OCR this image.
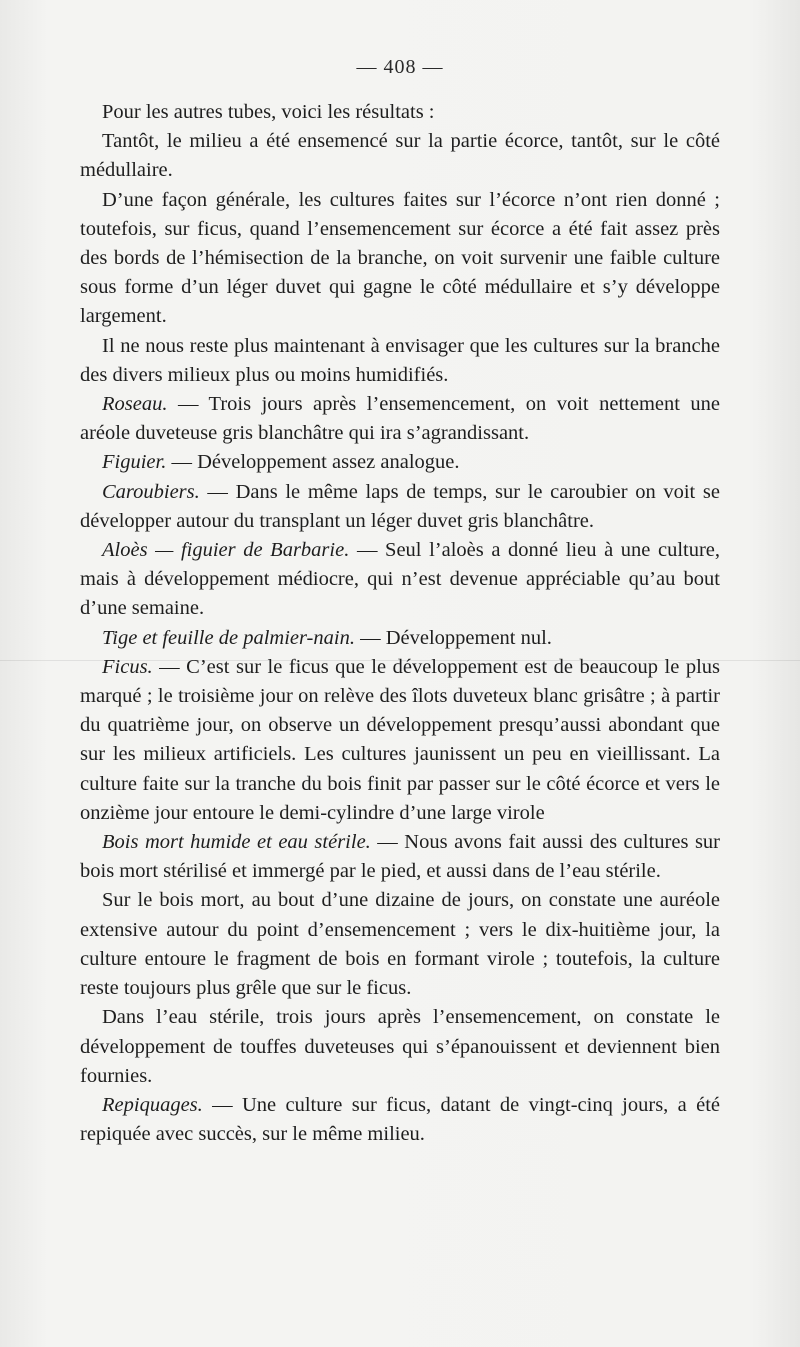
— 408 —

Pour les autres tubes, voici les résultats :

Tantôt, le milieu a été ensemencé sur la partie écorce, tantôt, sur le côté médullaire.

D’une façon générale, les cultures faites sur l’écorce n’ont rien donné ; toutefois, sur ficus, quand l’ensemencement sur écorce a été fait assez près des bords de l’hémisection de la branche, on voit survenir une faible culture sous forme d’un léger duvet qui gagne le côté médullaire et s’y développe largement.

Il ne nous reste plus maintenant à envisager que les cultures sur la branche des divers milieux plus ou moins humidifiés.

Roseau. — Trois jours après l’ensemencement, on voit nettement une aréole duveteuse gris blanchâtre qui ira s’agrandissant.

Figuier. — Développement assez analogue.

Caroubiers. — Dans le même laps de temps, sur le caroubier on voit se développer autour du transplant un léger duvet gris blanchâtre.

Aloès — figuier de Barbarie. — Seul l’aloès a donné lieu à une culture, mais à développement médiocre, qui n’est devenue appréciable qu’au bout d’une semaine.

Tige et feuille de palmier-nain. — Développement nul.

Ficus. — C’est sur le ficus que le développement est de beaucoup le plus marqué ; le troisième jour on relève des îlots duveteux blanc grisâtre ; à partir du quatrième jour, on observe un développement presqu’aussi abondant que sur les milieux artificiels. Les cultures jaunissent un peu en vieillissant. La culture faite sur la tranche du bois finit par passer sur le côté écorce et vers le onzième jour entoure le demi-cylindre d’une large virole

Bois mort humide et eau stérile. — Nous avons fait aussi des cultures sur bois mort stérilisé et immergé par le pied, et aussi dans de l’eau stérile.

Sur le bois mort, au bout d’une dizaine de jours, on constate une auréole extensive autour du point d’ensemencement ; vers le dix-huitième jour, la culture entoure le fragment de bois en formant virole ; toutefois, la culture reste toujours plus grêle que sur le ficus.

Dans l’eau stérile, trois jours après l’ensemencement, on constate le développement de touffes duveteuses qui s’épanouissent et deviennent bien fournies.

Repiquages. — Une culture sur ficus, datant de vingt-cinq jours, a été repiquée avec succès, sur le même milieu.
